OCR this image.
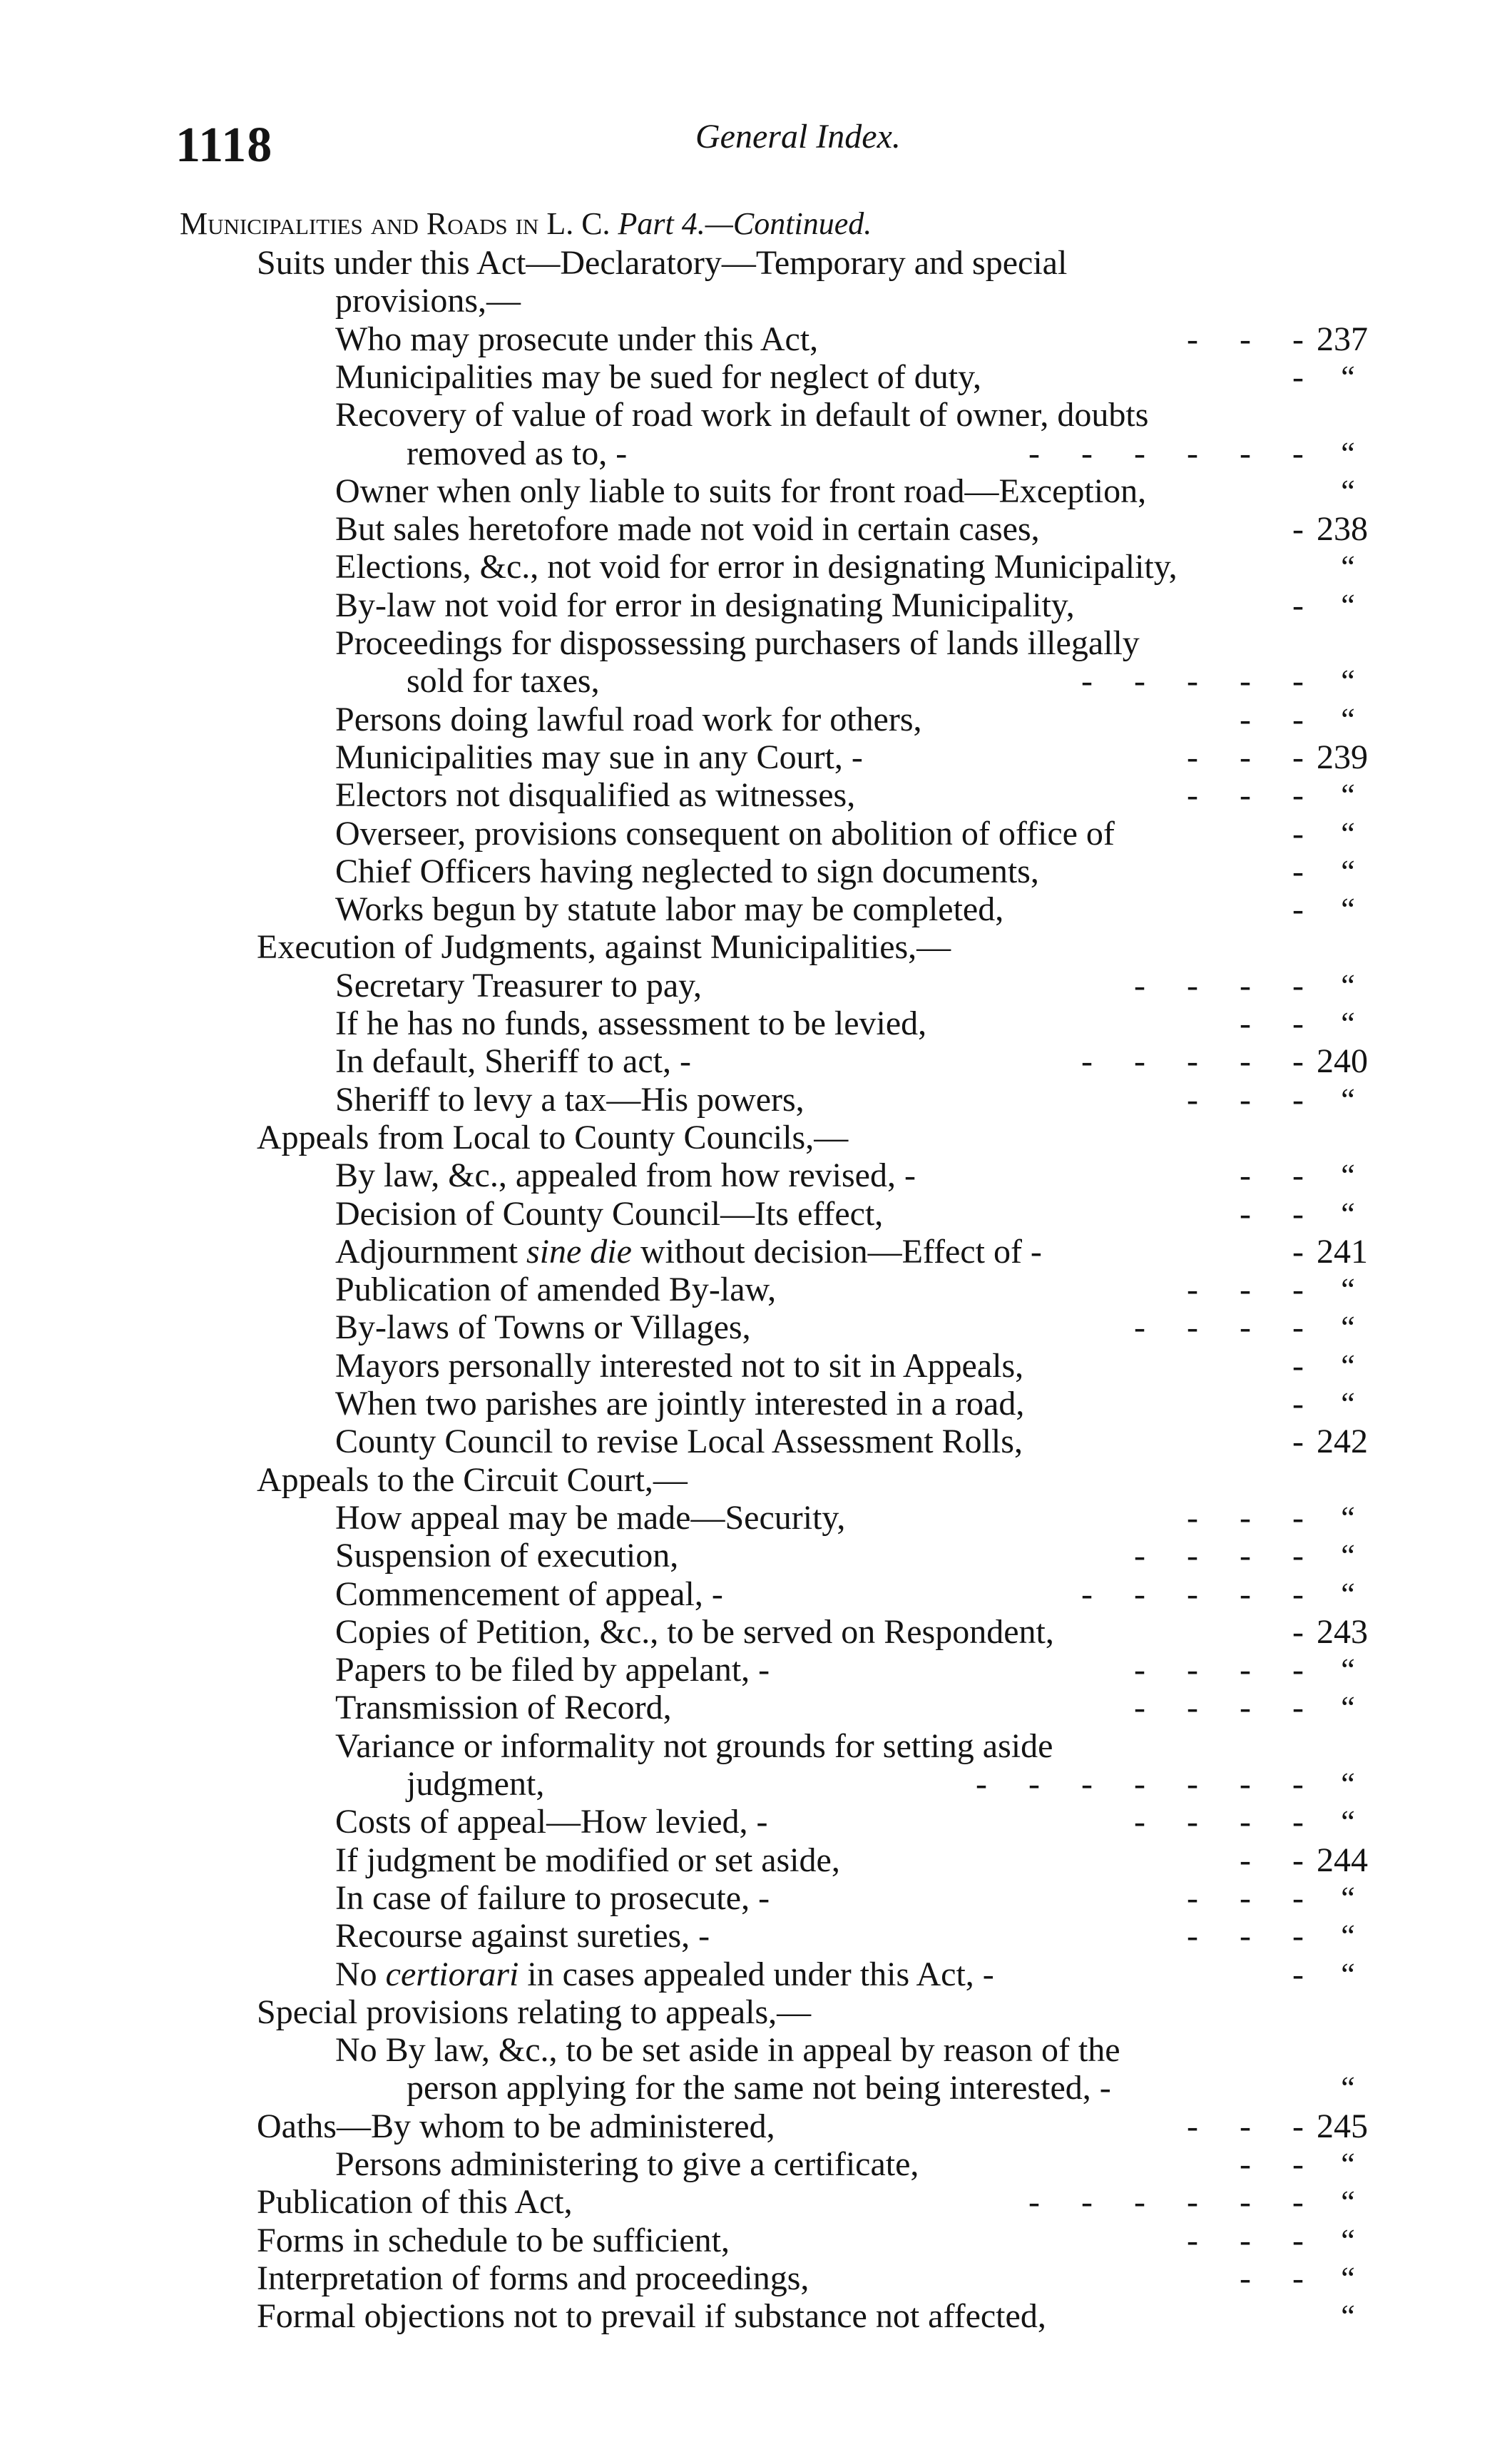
1118	General Index.
Municipalities and Roads in L. C. Part 4.—Continued.
Suits under this Act—Declaratory—Temporary and special
provisions,—
Who may prosecute under this Act,	-    -    - 237
Municipalities may be sued for neglect of duty,	-	“
Recovery of value of road work in default of owner, doubts
removed as to, -	-    -    -    -    -    -	“
Owner when only liable to suits for front road—Exception,	“
But sales heretofore made not void in certain cases,	- 238
Elections, &c., not void for error in designating Municipality,	“
By-law not void for error in designating Municipality,	-	“
Proceedings for dispossessing purchasers of lands illegally
sold for taxes,	-    -    -    -    -	“
Persons doing lawful road work for others,	-    -	“
Municipalities may sue in any Court, -	-    -    - 239
Electors not disqualified as witnesses,	-    -    -	“
Overseer, provisions consequent on abolition of office of	-	“
Chief Officers having neglected to sign documents,	-	“
Works begun by statute labor may be completed,	-	“
Execution of Judgments, against Municipalities,—
Secretary Treasurer to pay,	-    -    -    -	“
If he has no funds, assessment to be levied,	-    -	“
In default, Sheriff to act, -	-    -    -    -    - 240
Sheriff to levy a tax—His powers,	-    -    -	“
Appeals from Local to County Councils,—
By law, &c., appealed from how revised, -	-    -	“
Decision of County Council—Its effect,	-    -	“
Adjournment sine die without decision—Effect of -	- 241
Publication of amended By-law,	-    -    -	“
By-laws of Towns or Villages,	-    -    -    -	“
Mayors personally interested not to sit in Appeals,	-	“
When two parishes are jointly interested in a road,	-	“
County Council to revise Local Assessment Rolls,	- 242
Appeals to the Circuit Court,—
How appeal may be made—Security,	-    -    -	“
Suspension of execution,	-    -    -    -	“
Commencement of appeal, -	-    -    -    -    -	“
Copies of Petition, &c., to be served on Respondent,	- 243
Papers to be filed by appelant, -	-    -    -    -	“
Transmission of Record,	-    -    -    -	“
Variance or informality not grounds for setting aside
judgment,	-    -    -    -    -    -    -	“
Costs of appeal—How levied, -	-    -    -    -	“
If judgment be modified or set aside,	-    - 244
In case of failure to prosecute, -	-    -    -	“
Recourse against sureties, -	-    -    -	“
No certiorari in cases appealed under this Act, -	-	“
Special provisions relating to appeals,—
No By law, &c., to be set aside in appeal by reason of the
person applying for the same not being interested, -	“
Oaths—By whom to be administered,	-    -    - 245
Persons administering to give a certificate,	-    -	“
Publication of this Act,	-    -    -    -    -    -	“
Forms in schedule to be sufficient,	-    -    -	“
Interpretation of forms and proceedings,	-    -	“
Formal objections not to prevail if substance not affected,	“
